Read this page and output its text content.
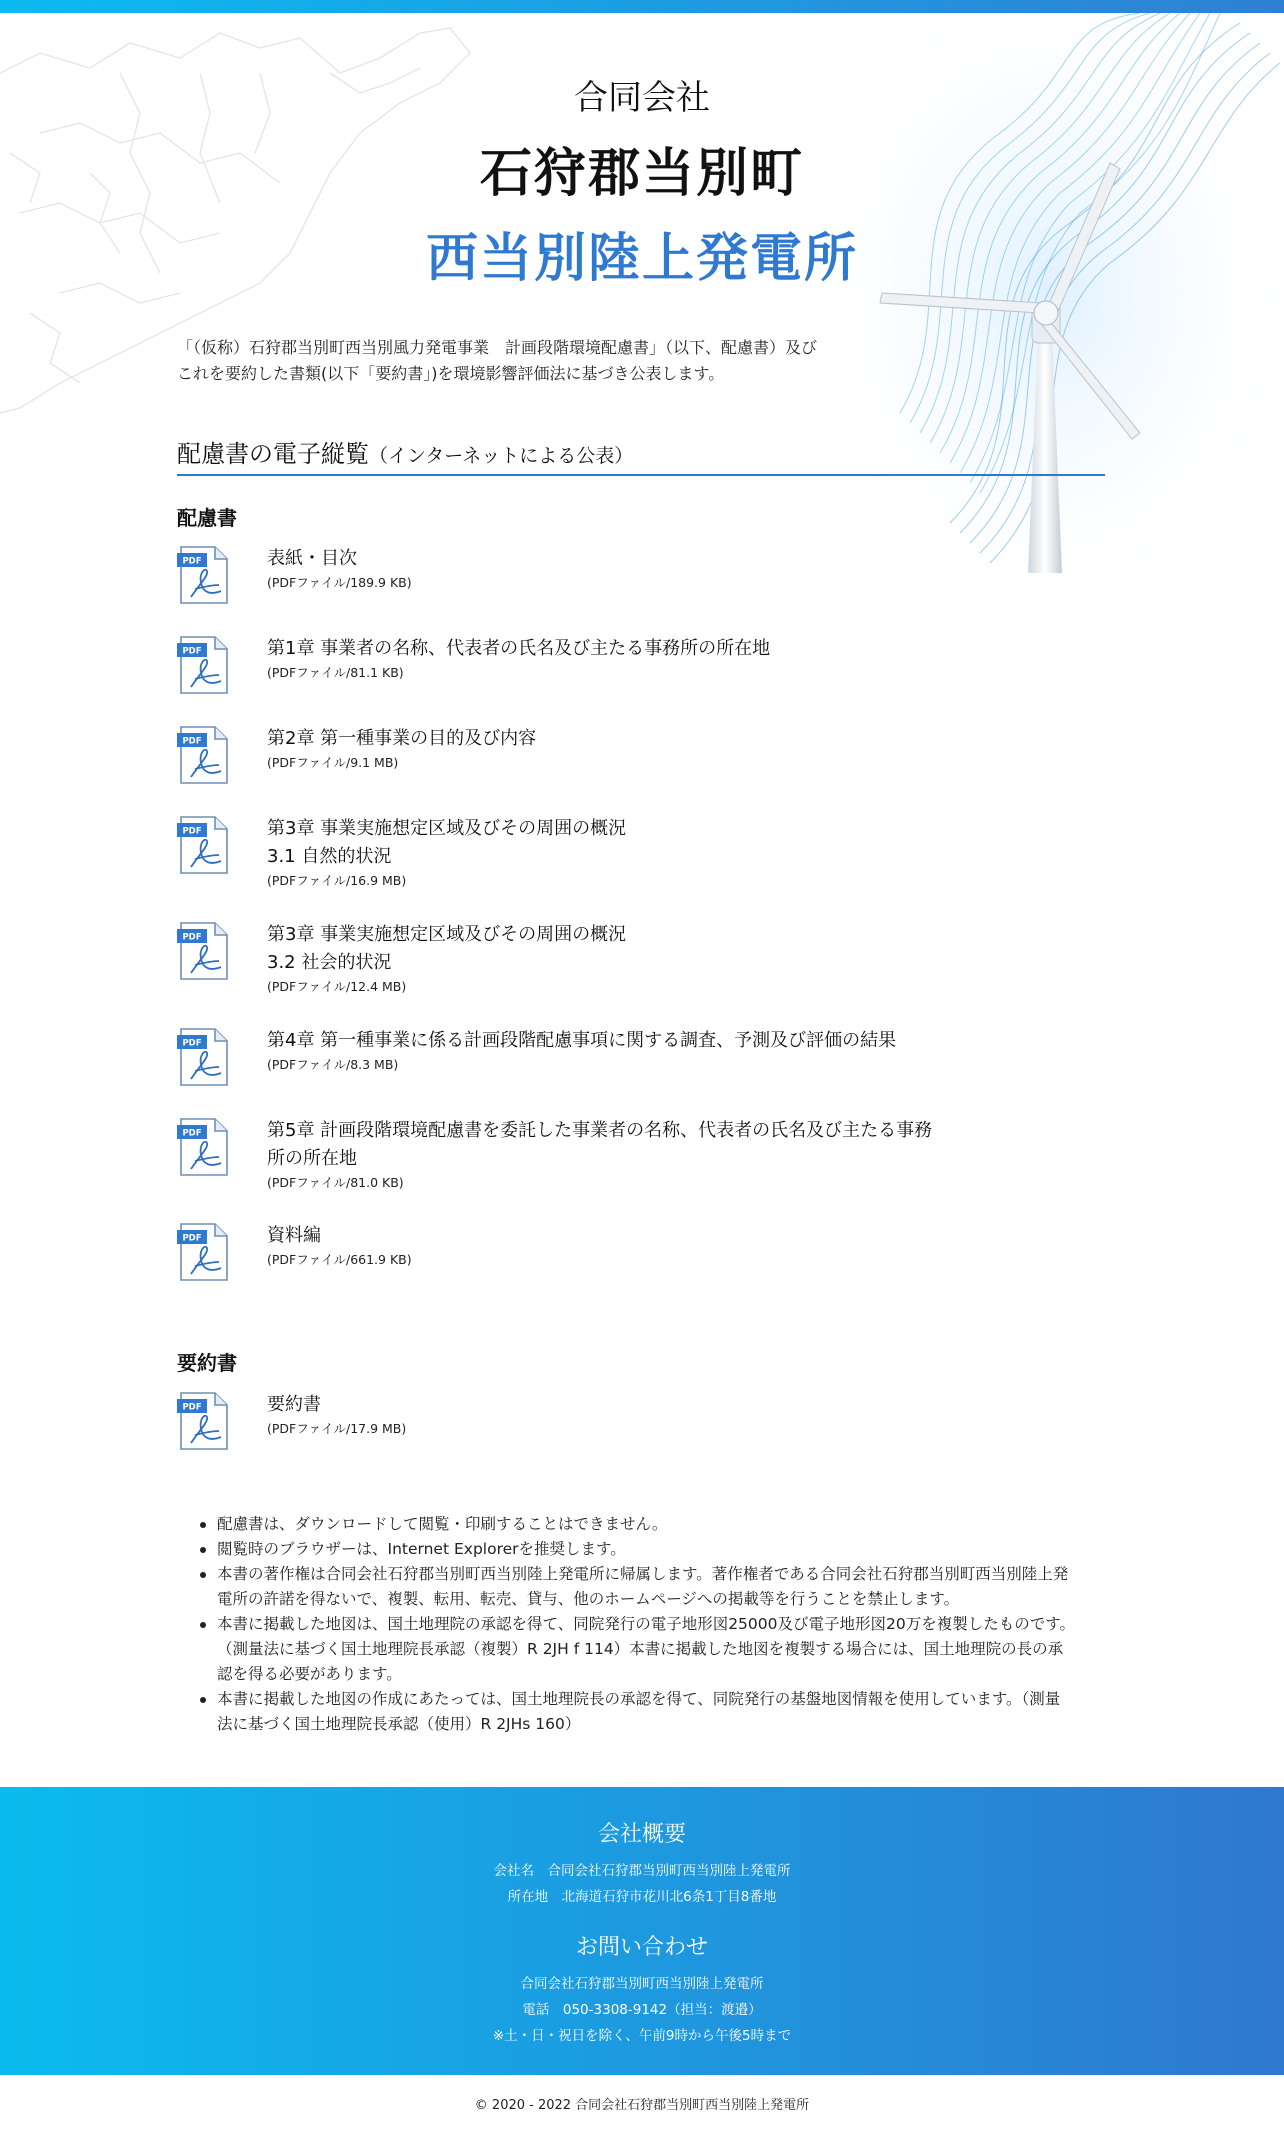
合同会社
石狩郡当別町
西当別陸上発電所
「（仮称）石狩郡当別町西当別風力発電事業　計画段階環境配慮書」（以下、配慮書）及び
これを要約した書類(以下「要約書」)を環境影響評価法に基づき公表します。
配慮書の電子縦覧（インターネットによる公表）
配慮書
PDF	表紙・目次
(PDFファイル/189.9 KB)
PDF	第1章 事業者の名称、代表者の氏名及び主たる事務所の所在地
(PDFファイル/81.1 KB)
PDF	第2章 第一種事業の目的及び内容
(PDFファイル/9.1 MB)
PDF	第3章 事業実施想定区域及びその周囲の概況
3.1 自然的状況
(PDFファイル/16.9 MB)
PDF	第3章 事業実施想定区域及びその周囲の概況
3.2 社会的状況
(PDFファイル/12.4 MB)
PDF	第4章 第一種事業に係る計画段階配慮事項に関する調査、予測及び評価の結果
(PDFファイル/8.3 MB)
PDF	第5章 計画段階環境配慮書を委託した事業者の名称、代表者の氏名及び主たる事務
所の所在地
(PDFファイル/81.0 KB)
PDF	資料編
(PDFファイル/661.9 KB)
要約書
PDF	要約書
(PDFファイル/17.9 MB)
配慮書は、ダウンロードして閲覧・印刷することはできません。
閲覧時のブラウザーは、Internet Explorerを推奨します。
本書の著作権は合同会社石狩郡当別町西当別陸上発電所に帰属します。著作権者である合同会社石狩郡当別町西当別陸上発
電所の許諾を得ないで、複製、転用、転売、貸与、他のホームページへの掲載等を行うことを禁止します。
本書に掲載した地図は、国土地理院の承認を得て、同院発行の電子地形図25000及び電子地形図20万を複製したものです。
（測量法に基づく国土地理院長承認（複製）R 2JH f 114）本書に掲載した地図を複製する場合には、国土地理院の長の承
認を得る必要があります。
本書に掲載した地図の作成にあたっては、国土地理院長の承認を得て、同院発行の基盤地図情報を使用しています。（測量
法に基づく国土地理院長承認（使用）R 2JHs 160）
会社概要
会社名　合同会社石狩郡当別町西当別陸上発電所
所在地　北海道石狩市花川北6条1丁目8番地
お問い合わせ
合同会社石狩郡当別町西当別陸上発電所
電話　050-3308-9142（担当：渡邉）
※土・日・祝日を除く、午前9時から午後5時まで
© 2020 - 2022 合同会社石狩郡当別町西当別陸上発電所
